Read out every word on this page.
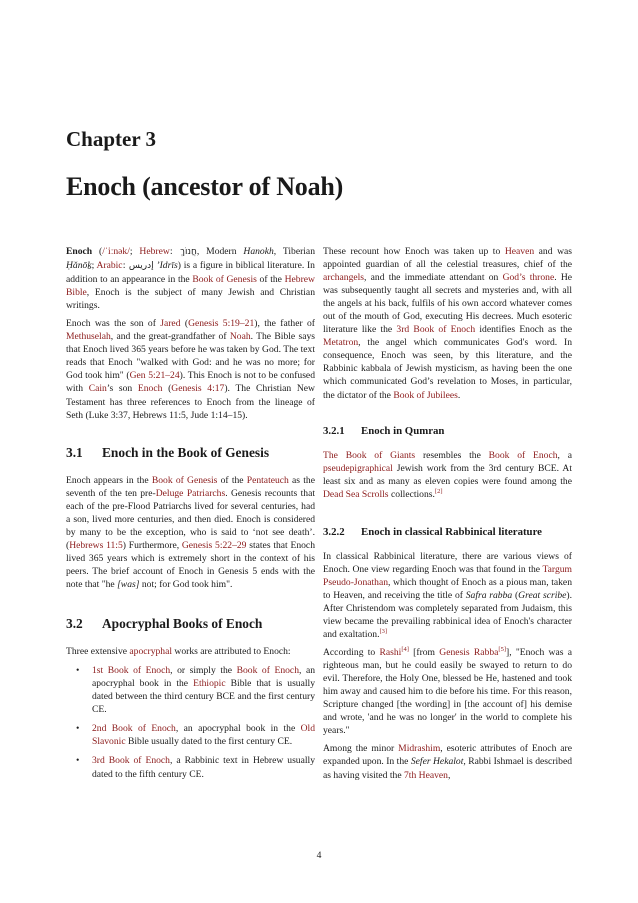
Chapter 3
Enoch (ancestor of Noah)

Enoch (/ˈiːnək/; Hebrew: חֲנוֹךְ, Modern Hanokh, Tiberian Ḥănōḵ; Arabic: إدريس ʼIdrīs) is a figure in biblical literature. In addition to an appearance in the Book of Genesis of the Hebrew Bible, Enoch is the subject of many Jewish and Christian writings.

Enoch was the son of Jared (Genesis 5:19–21), the father of Methuselah, and the great-grandfather of Noah. The Bible says that Enoch lived 365 years before he was taken by God. The text reads that Enoch "walked with God: and he was no more; for God took him" (Gen 5:21–24). This Enoch is not to be confused with Cain’s son Enoch (Genesis 4:17). The Christian New Testament has three references to Enoch from the lineage of Seth (Luke 3:37, Hebrews 11:5, Jude 1:14–15).

3.1	Enoch in the Book of Genesis

Enoch appears in the Book of Genesis of the Pentateuch as the seventh of the ten pre-Deluge Patriarchs. Genesis recounts that each of the pre-Flood Patriarchs lived for several centuries, had a son, lived more centuries, and then died. Enoch is considered by many to be the exception, who is said to ‘not see death’. (Hebrews 11:5) Furthermore, Genesis 5:22–29 states that Enoch lived 365 years which is extremely short in the context of his peers. The brief account of Enoch in Genesis 5 ends with the note that "he [was] not; for God took him".

3.2	Apocryphal Books of Enoch

Three extensive apocryphal works are attributed to Enoch:

• 1st Book of Enoch, or simply the Book of Enoch, an apocryphal book in the Ethiopic Bible that is usually dated between the third century BCE and the first century CE.
• 2nd Book of Enoch, an apocryphal book in the Old Slavonic Bible usually dated to the first century CE.
• 3rd Book of Enoch, a Rabbinic text in Hebrew usually dated to the fifth century CE.

These recount how Enoch was taken up to Heaven and was appointed guardian of all the celestial treasures, chief of the archangels, and the immediate attendant on God’s throne. He was subsequently taught all secrets and mysteries and, with all the angels at his back, fulfils of his own accord whatever comes out of the mouth of God, executing His decrees. Much esoteric literature like the 3rd Book of Enoch identifies Enoch as the Metatron, the angel which communicates God's word. In consequence, Enoch was seen, by this literature, and the Rabbinic kabbala of Jewish mysticism, as having been the one which communicated God’s revelation to Moses, in particular, the dictator of the Book of Jubilees.

3.2.1	Enoch in Qumran

The Book of Giants resembles the Book of Enoch, a pseudepigraphical Jewish work from the 3rd century BCE. At least six and as many as eleven copies were found among the Dead Sea Scrolls collections.[2]

3.2.2	Enoch in classical Rabbinical literature

In classical Rabbinical literature, there are various views of Enoch. One view regarding Enoch was that found in the Targum Pseudo-Jonathan, which thought of Enoch as a pious man, taken to Heaven, and receiving the title of Safra rabba (Great scribe). After Christendom was completely separated from Judaism, this view became the prevailing rabbinical idea of Enoch's character and exaltation.[3]

According to Rashi[4] [from Genesis Rabba[5]], "Enoch was a righteous man, but he could easily be swayed to return to do evil. Therefore, the Holy One, blessed be He, hastened and took him away and caused him to die before his time. For this reason, Scripture changed [the wording] in [the account of] his demise and wrote, 'and he was no longer' in the world to complete his years."

Among the minor Midrashim, esoteric attributes of Enoch are expanded upon. In the Sefer Hekalot, Rabbi Ishmael is described as having visited the 7th Heaven,

4
